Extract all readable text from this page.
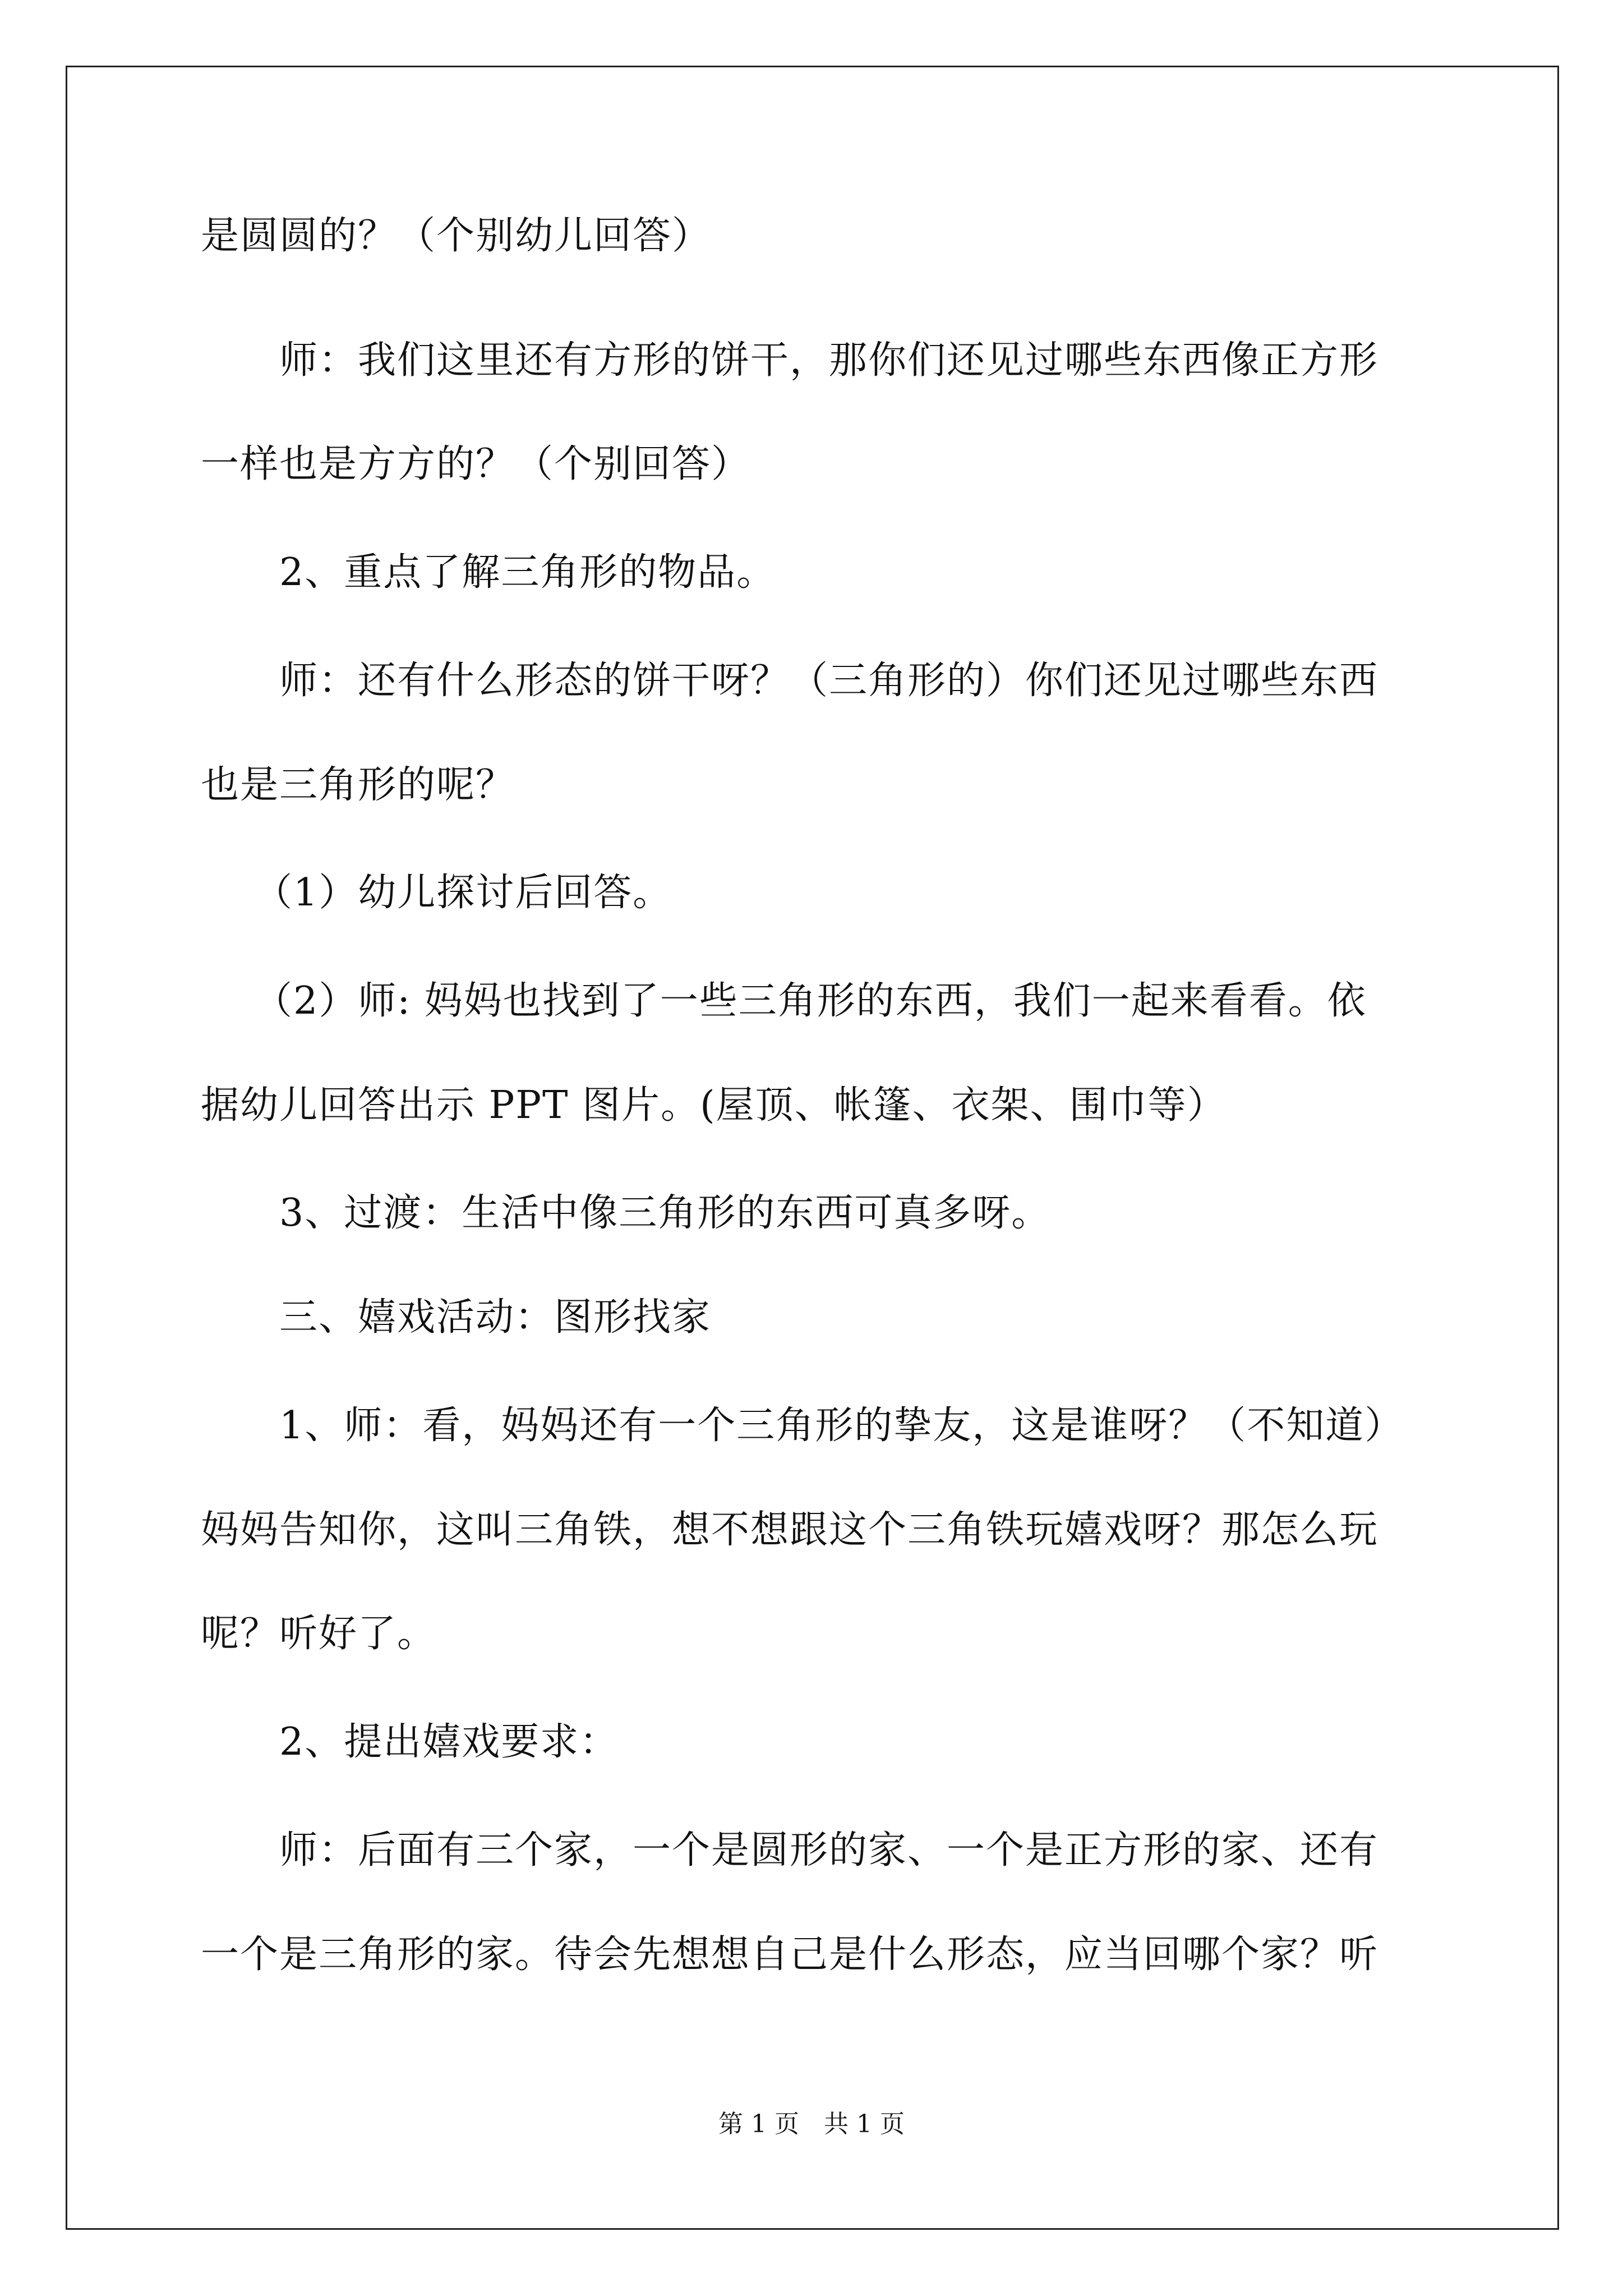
是圆圆的？（个别幼儿回答）

师：我们这里还有方形的饼干，那你们还见过哪些东西像正方形

一样也是方方的？（个别回答）

2、重点了解三角形的物品。

师：还有什么形态的饼干呀？（三角形的）你们还见过哪些东西

也是三角形的呢？

（1）幼儿探讨后回答。

（2）师: 妈妈也找到了一些三角形的东西，我们一起来看看。依

据幼儿回答出示 PPT 图片。(屋顶、帐篷、衣架、围巾等）

3、过渡：生活中像三角形的东西可真多呀。

三、嬉戏活动：图形找家

1、师：看，妈妈还有一个三角形的挚友，这是谁呀？（不知道）

妈妈告知你，这叫三角铁，想不想跟这个三角铁玩嬉戏呀？那怎么玩

呢？听好了。

2、提出嬉戏要求：

师：后面有三个家，一个是圆形的家、一个是正方形的家、还有

一个是三角形的家。待会先想想自己是什么形态，应当回哪个家？听

第 1 页　共 1 页
